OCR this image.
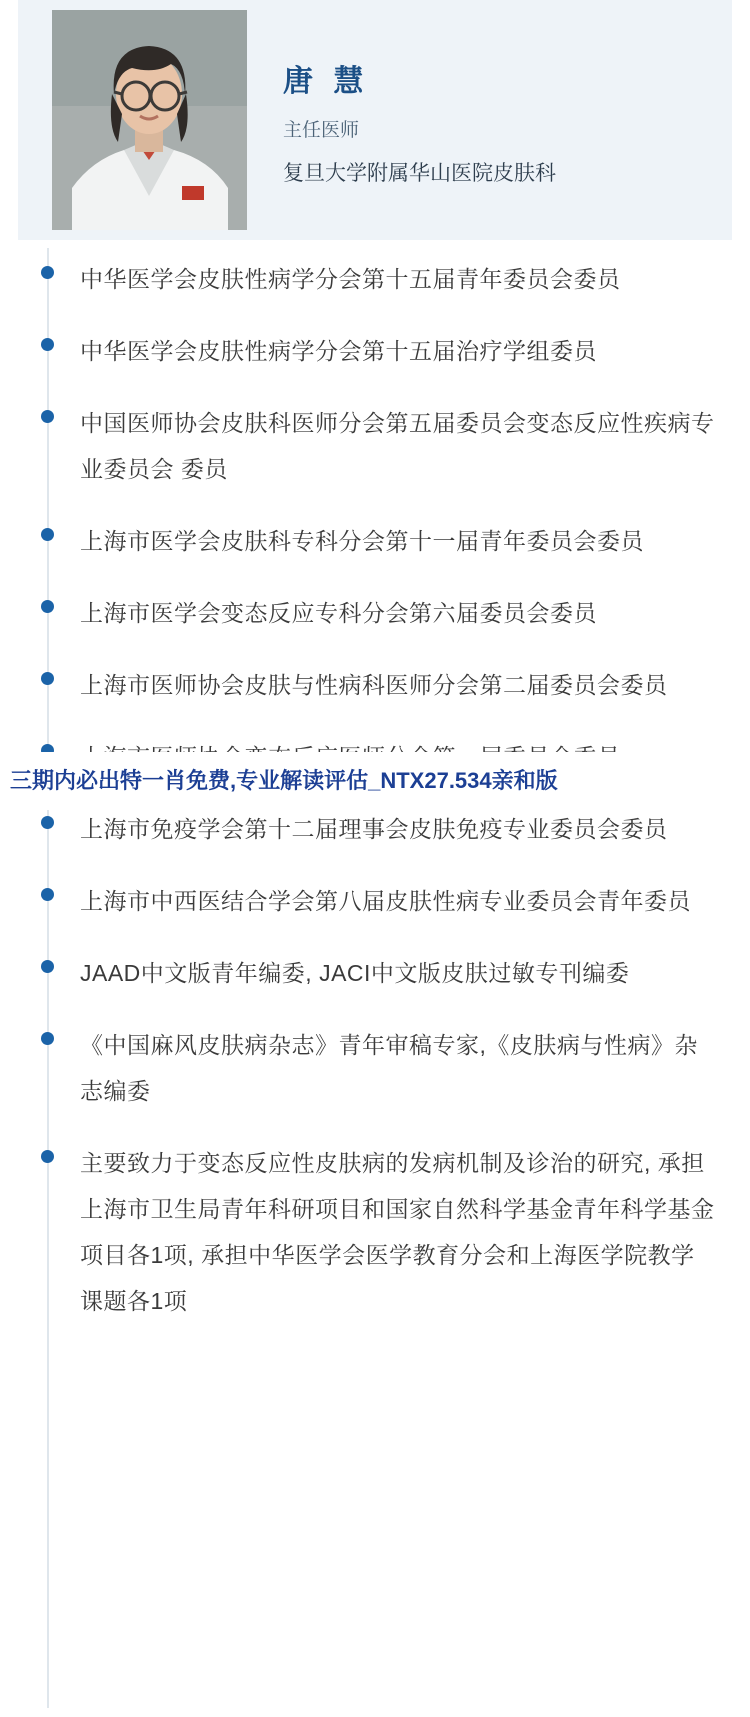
唐 慧
主任医师
复旦大学附属华山医院皮肤科
中华医学会皮肤性病学分会第十五届青年委员会委员
中华医学会皮肤性病学分会第十五届治疗学组委员
中国医师协会皮肤科医师分会第五届委员会变态反应性疾病专业委员会 委员
上海市医学会皮肤科专科分会第十一届青年委员会委员
上海市医学会变态反应专科分会第六届委员会委员
上海市医师协会皮肤与性病科医师分会第二届委员会委员
上海市免疫学会第十二届理事会皮肤免疫专业委员会委员
上海市中西医结合学会第八届皮肤性病专业委员会青年委员
JAAD中文版青年编委, JACI中文版皮肤过敏专刊编委
《中国麻风皮肤病杂志》青年审稿专家,《皮肤病与性病》杂志编委
主要致力于变态反应性皮肤病的发病机制及诊治的研究, 承担上海市卫生局青年科研项目和国家自然科学基金青年科学基金项目各1项, 承担中华医学会医学教育分会和上海医学院教学课题各1项
三期内必出特一肖免费,专业解读评估_NTX27.534亲和版
